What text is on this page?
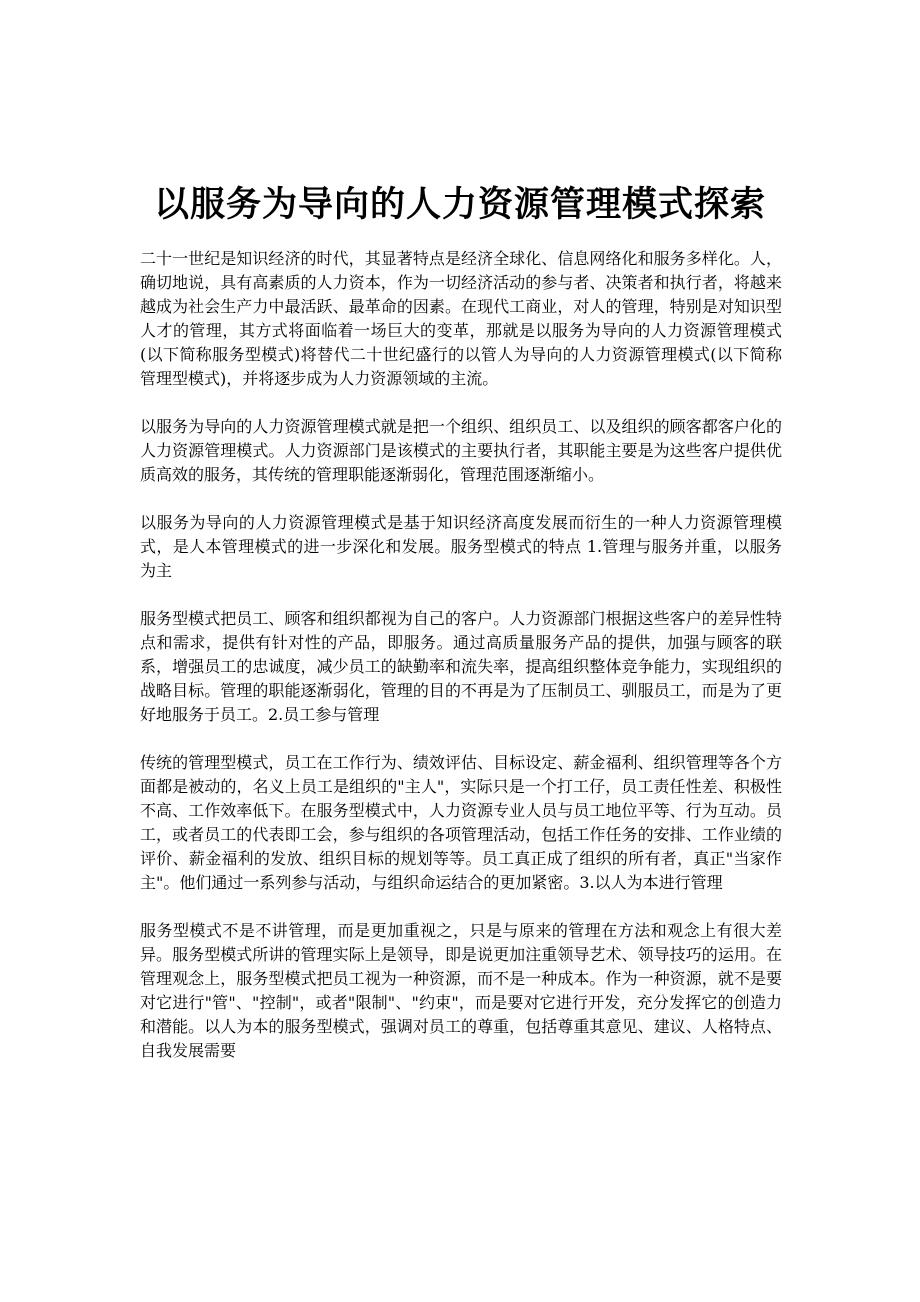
以服务为导向的人力资源管理模式探索

二十一世纪是知识经济的时代，其显著特点是经济全球化、信息网络化和服务多样化。人，确切地说，具有高素质的人力资本，作为一切经济活动的参与者、决策者和执行者，将越来越成为社会生产力中最活跃、最革命的因素。在现代工商业，对人的管理，特别是对知识型人才的管理，其方式将面临着一场巨大的变革，那就是以服务为导向的人力资源管理模式(以下简称服务型模式)将替代二十世纪盛行的以管人为导向的人力资源管理模式(以下简称管理型模式)，并将逐步成为人力资源领域的主流。

以服务为导向的人力资源管理模式就是把一个组织、组织员工、以及组织的顾客都客户化的人力资源管理模式。人力资源部门是该模式的主要执行者，其职能主要是为这些客户提供优质高效的服务，其传统的管理职能逐渐弱化，管理范围逐渐缩小。

以服务为导向的人力资源管理模式是基于知识经济高度发展而衍生的一种人力资源管理模式，是人本管理模式的进一步深化和发展。服务型模式的特点 1.管理与服务并重，以服务为主

服务型模式把员工、顾客和组织都视为自己的客户。人力资源部门根据这些客户的差异性特点和需求，提供有针对性的产品，即服务。通过高质量服务产品的提供，加强与顾客的联系，增强员工的忠诚度，减少员工的缺勤率和流失率，提高组织整体竞争能力，实现组织的战略目标。管理的职能逐渐弱化，管理的目的不再是为了压制员工、驯服员工，而是为了更好地服务于员工。2.员工参与管理

传统的管理型模式，员工在工作行为、绩效评估、目标设定、薪金福利、组织管理等各个方面都是被动的，名义上员工是组织的"主人"，实际只是一个打工仔，员工责任性差、积极性不高、工作效率低下。在服务型模式中，人力资源专业人员与员工地位平等、行为互动。员工，或者员工的代表即工会，参与组织的各项管理活动，包括工作任务的安排、工作业绩的评价、薪金福利的发放、组织目标的规划等等。员工真正成了组织的所有者，真正"当家作主"。他们通过一系列参与活动，与组织命运结合的更加紧密。3.以人为本进行管理

服务型模式不是不讲管理，而是更加重视之，只是与原来的管理在方法和观念上有很大差异。服务型模式所讲的管理实际上是领导，即是说更加注重领导艺术、领导技巧的运用。在管理观念上，服务型模式把员工视为一种资源，而不是一种成本。作为一种资源，就不是要对它进行"管"、"控制"，或者"限制"、"约束"，而是要对它进行开发，充分发挥它的创造力和潜能。以人为本的服务型模式，强调对员工的尊重，包括尊重其意见、建议、人格特点、自我发展需要
